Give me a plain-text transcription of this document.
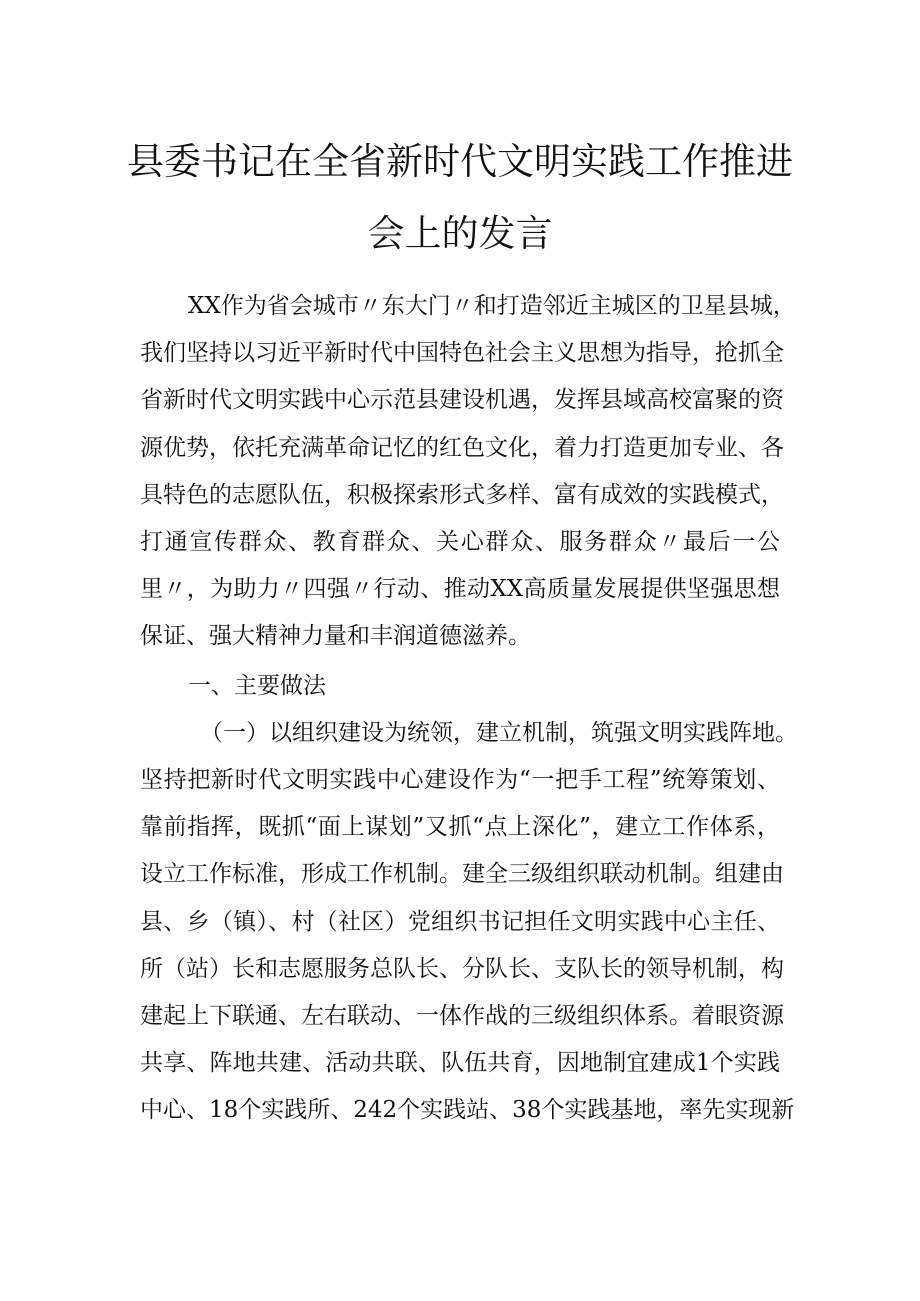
县委书记在全省新时代文明实践工作推进
会上的发言
XX作为省会城市〃东大门〃和打造邻近主城区的卫星县城，
我们坚持以习近平新时代中国特色社会主义思想为指导，抢抓全
省新时代文明实践中心示范县建设机遇，发挥县域高校富聚的资
源优势，依托充满革命记忆的红色文化，着力打造更加专业、各
具特色的志愿队伍，积极探索形式多样、富有成效的实践模式，
打通宣传群众、教育群众、关心群众、服务群众〃最后一公
里〃，为助力〃四强〃行动、推动XX高质量发展提供坚强思想
保证、强大精神力量和丰润道德滋养。
一、主要做法
（一）以组织建设为统领，建立机制，筑强文明实践阵地。
坚持把新时代文明实践中心建设作为“一把手工程”统筹策划、
靠前指挥，既抓“面上谋划”又抓“点上深化”，建立工作体系，
设立工作标准，形成工作机制。建全三级组织联动机制。组建由
县、乡（镇）、村（社区）党组织书记担任文明实践中心主任、
所（站）长和志愿服务总队长、分队长、支队长的领导机制，构
建起上下联通、左右联动、一体作战的三级组织体系。着眼资源
共享、阵地共建、活动共联、队伍共育，因地制宜建成1个实践
中心、18个实践所、242个实践站、38个实践基地，率先实现新
